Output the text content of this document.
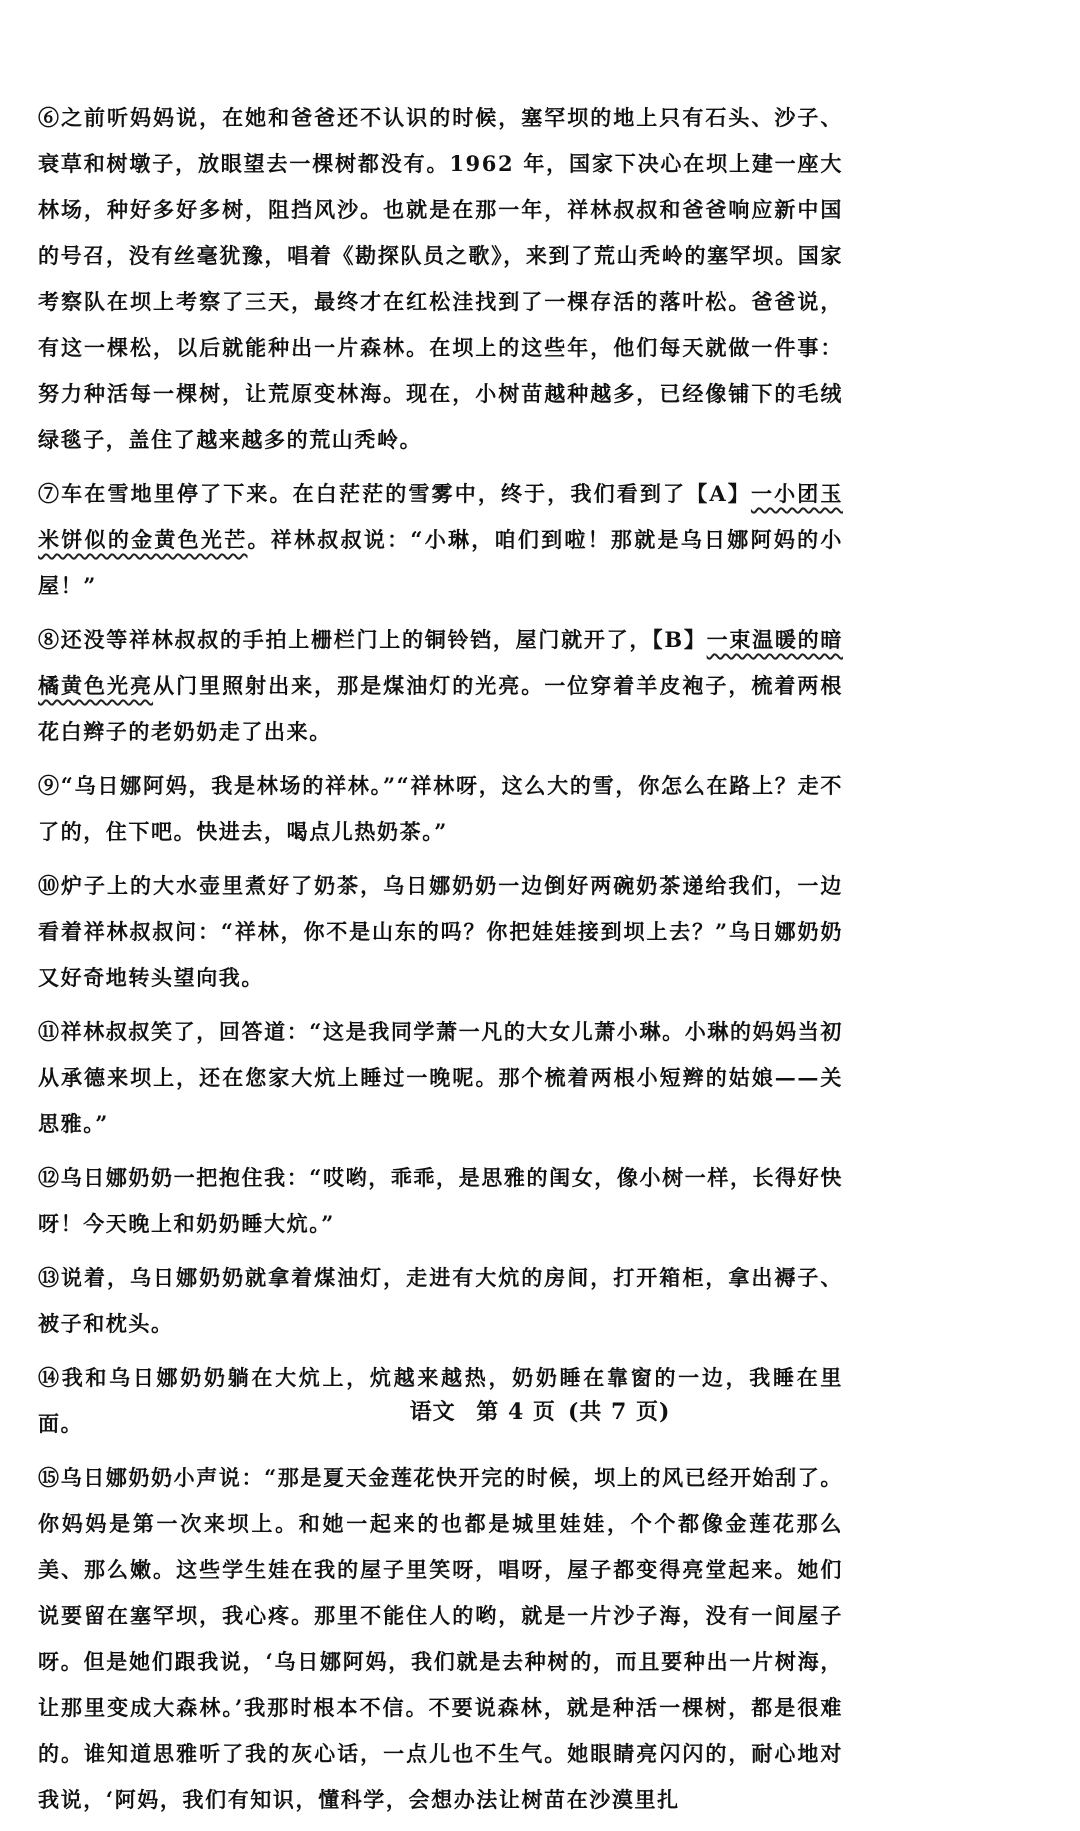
⑥之前听妈妈说，在她和爸爸还不认识的时候，塞罕坝的地上只有石头、沙子、衰草和树墩子，放眼望去一棵树都没有。1962 年，国家下决心在坝上建一座大林场，种好多好多树，阻挡风沙。也就是在那一年，祥林叔叔和爸爸响应新中国的号召，没有丝毫犹豫，唱着《勘探队员之歌》，来到了荒山秃岭的塞罕坝。国家考察队在坝上考察了三天，最终才在红松洼找到了一棵存活的落叶松。爸爸说，有这一棵松，以后就能种出一片森林。在坝上的这些年，他们每天就做一件事：努力种活每一棵树，让荒原变林海。现在，小树苗越种越多，已经像铺下的毛绒绿毯子，盖住了越来越多的荒山秃岭。

⑦车在雪地里停了下来。在白茫茫的雪雾中，终于，我们看到了【A】一小团玉米饼似的金黄色光芒。祥林叔叔说：“小琳，咱们到啦！那就是乌日娜阿妈的小屋！”

⑧还没等祥林叔叔的手拍上栅栏门上的铜铃铛，屋门就开了，【B】一束温暖的暗橘黄色光亮从门里照射出来，那是煤油灯的光亮。一位穿着羊皮袍子，梳着两根花白辫子的老奶奶走了出来。

⑨“乌日娜阿妈，我是林场的祥林。”“祥林呀，这么大的雪，你怎么在路上？走不了的，住下吧。快进去，喝点儿热奶茶。”

⑩炉子上的大水壶里煮好了奶茶，乌日娜奶奶一边倒好两碗奶茶递给我们，一边看着祥林叔叔问：“祥林，你不是山东的吗？你把娃娃接到坝上去？”乌日娜奶奶又好奇地转头望向我。

⑪祥林叔叔笑了，回答道：“这是我同学萧一凡的大女儿萧小琳。小琳的妈妈当初从承德来坝上，还在您家大炕上睡过一晚呢。那个梳着两根小短辫的姑娘——关思雅。”

⑫乌日娜奶奶一把抱住我：“哎哟，乖乖，是思雅的闺女，像小树一样，长得好快呀！今天晚上和奶奶睡大炕。”

⑬说着，乌日娜奶奶就拿着煤油灯，走进有大炕的房间，打开箱柜，拿出褥子、被子和枕头。

⑭我和乌日娜奶奶躺在大炕上，炕越来越热，奶奶睡在靠窗的一边，我睡在里面。

⑮乌日娜奶奶小声说：“那是夏天金莲花快开完的时候，坝上的风已经开始刮了。你妈妈是第一次来坝上。和她一起来的也都是城里娃娃，个个都像金莲花那么美、那么嫩。这些学生娃在我的屋子里笑呀，唱呀，屋子都变得亮堂起来。她们说要留在塞罕坝，我心疼。那里不能住人的哟，就是一片沙子海，没有一间屋子呀。但是她们跟我说，‘乌日娜阿妈，我们就是去种树的，而且要种出一片树海，让那里变成大森林。’我那时根本不信。不要说森林，就是种活一棵树，都是很难的。谁知道思雅听了我的灰心话，一点儿也不生气。她眼睛亮闪闪的，耐心地对我说，‘阿妈，我们有知识，懂科学，会想办法让树苗在沙漠里扎

语文 第 4 页 (共 7 页)
